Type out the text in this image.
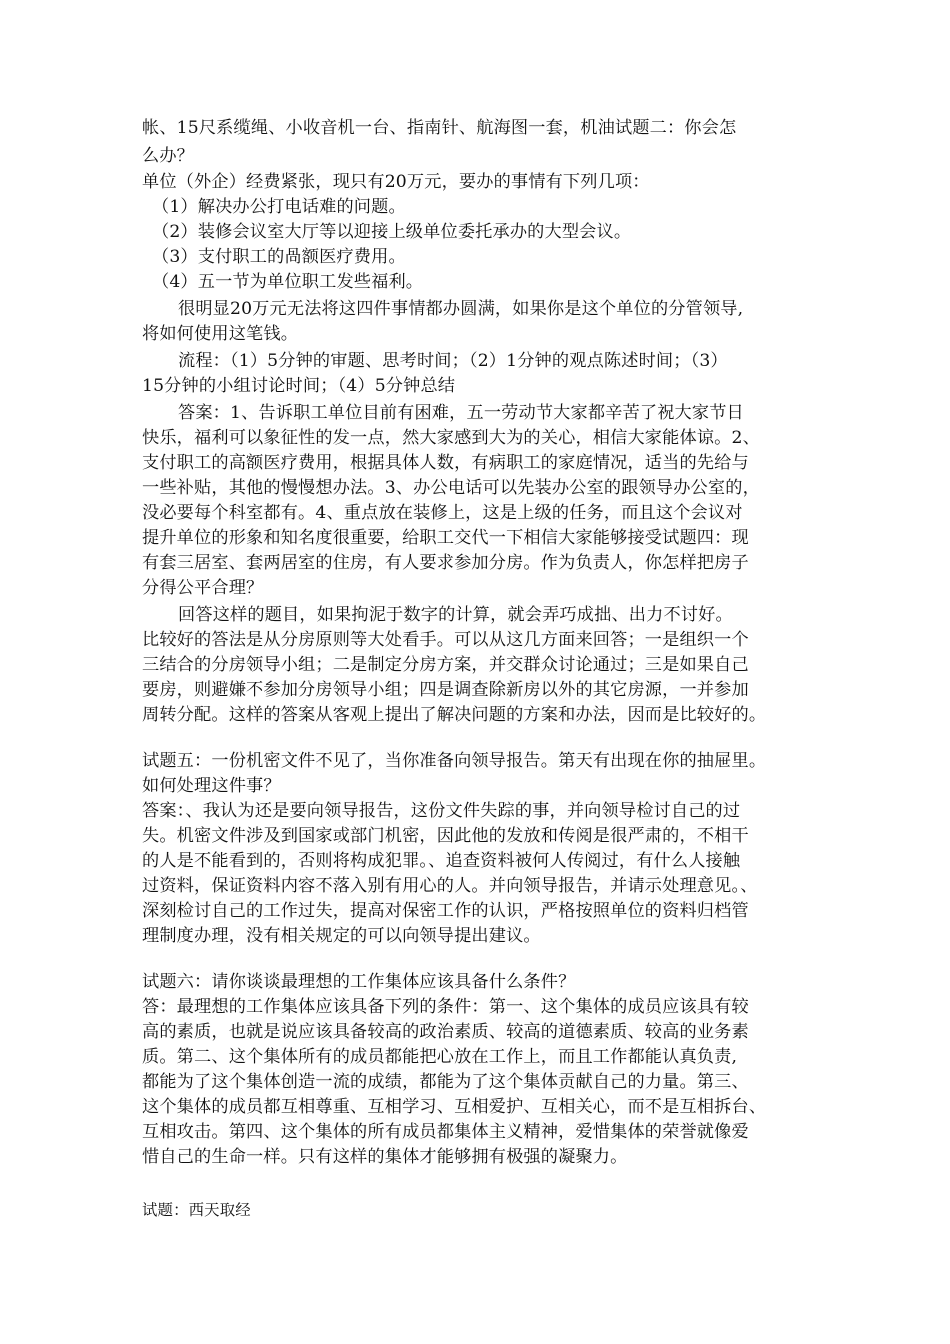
帐、15尺系缆绳、小收音机一台、指南针、航海图一套，机油试题二：你会怎
么办？
单位（外企）经费紧张，现只有20万元，要办的事情有下列几项：
（1）解决办公打电话难的问题。
（2）装修会议室大厅等以迎接上级单位委托承办的大型会议。
（3）支付职工的咼额医疗费用。
（4）五一节为单位职工发些福利。
很明显20万元无法将这四件事情都办圆满，如果你是这个单位的分管领导,
将如何使用这笔钱。
流程：（1）5分钟的审题、思考时间；（2）1分钟的观点陈述时间；（3）
15分钟的小组讨论时间；（4）5分钟总结
答案：1、告诉职工单位目前有困难，五一劳动节大家都辛苦了祝大家节日
快乐，福利可以象征性的发一点，然大家感到大为的关心，相信大家能体谅。2、
支付职工的高额医疗费用，根据具体人数，有病职工的家庭情况，适当的先给与
一些补贴，其他的慢慢想办法。3、办公电话可以先装办公室的跟领导办公室的，
没必要每个科室都有。4、重点放在装修上，这是上级的任务，而且这个会议对
提升单位的形象和知名度很重要，给职工交代一下相信大家能够接受试题四：现
有套三居室、套两居室的住房，有人要求参加分房。作为负责人，你怎样把房子
分得公平合理？
回答这样的题目，如果拘泥于数字的计算，就会弄巧成拙、出力不讨好。
比较好的答法是从分房原则等大处看手。可以从这几方面来回答；一是组织一个
三结合的分房领导小组；二是制定分房方案，并交群众讨论通过；三是如果自己
要房，则避嫌不参加分房领导小组；四是调查除新房以外的其它房源，一并参加
周转分配。这样的答案从客观上提出了解决问题的方案和办法，因而是比较好的。
试题五：一份机密文件不见了，当你准备向领导报告。第天有出现在你的抽屉里。
如何处理这件事？
答案：、我认为还是要向领导报告，这份文件失踪的事，并向领导检讨自己的过
失。机密文件涉及到国家或部门机密，因此他的发放和传阅是很严肃的，不相干
的人是不能看到的，否则将构成犯罪。、追查资料被何人传阅过，有什么人接触
过资料，保证资料内容不落入别有用心的人。并向领导报告，并请示处理意见。、
深刻检讨自己的工作过失，提高对保密工作的认识，严格按照单位的资料归档管
理制度办理，没有相关规定的可以向领导提出建议。
试题六：请你谈谈最理想的工作集体应该具备什么条件？
答：最理想的工作集体应该具备下列的条件：第一、这个集体的成员应该具有较
高的素质，也就是说应该具备较高的政治素质、较高的道德素质、较高的业务素
质。第二、这个集体所有的成员都能把心放在工作上，而且工作都能认真负责,
都能为了这个集体创造一流的成绩，都能为了这个集体贡献自己的力量。第三、
这个集体的成员都互相尊重、互相学习、互相爱护、互相关心，而不是互相拆台、
互相攻击。第四、这个集体的所有成员都集体主义精神，爱惜集体的荣誉就像爱
惜自己的生命一样。只有这样的集体才能够拥有极强的凝聚力。
试题：西天取经
